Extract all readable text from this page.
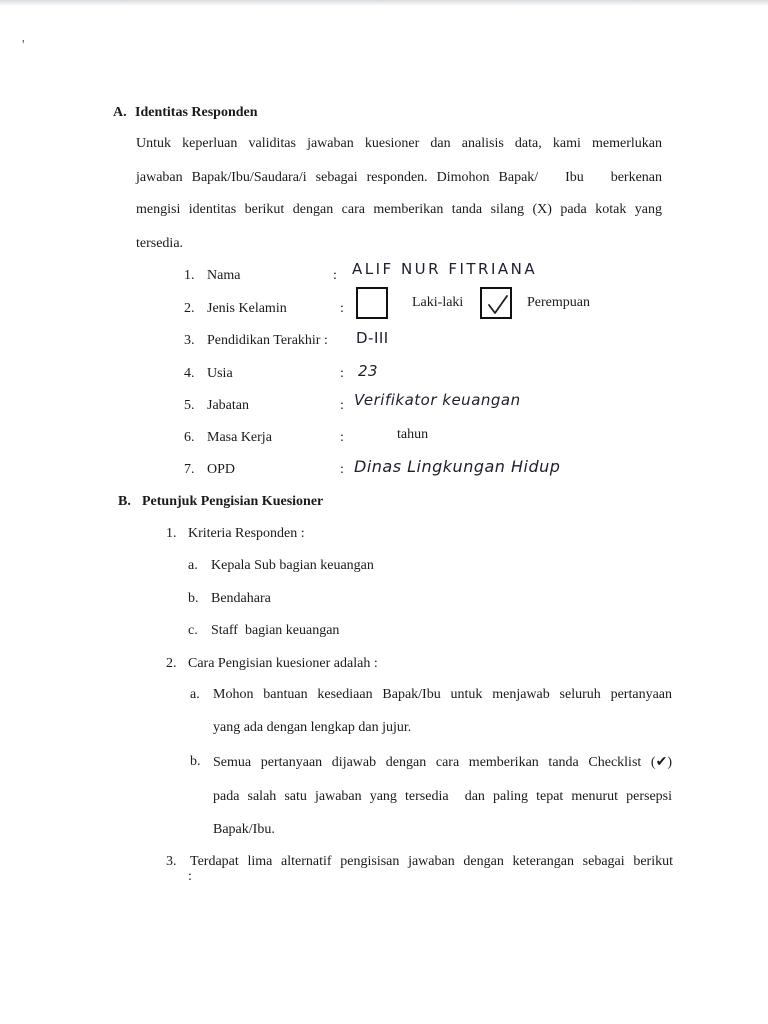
'
A. Identitas Responden
Untuk keperluan validitas jawaban kuesioner dan analisis data, kami memerlukan
jawaban Bapak/Ibu/Saudara/i sebagai responden. Dimohon Bapak/   Ibu   berkenan
mengisi identitas berikut dengan cara memberikan tanda silang (X) pada kotak yang
tersedia.
1. Nama	: ALIF NUR FITRIANA
2. Jenis Kelamin	:	Laki-laki	Perempuan
3. Pendidikan Terakhir : D-III
4. Usia	: 23
5. Jabatan	: Verifikator keuangan
6. Masa Kerja	:	tahun
7. OPD	: Dinas Lingkungan Hidup
B. Petunjuk Pengisian Kuesioner
1. Kriteria Responden :
a. Kepala Sub bagian keuangan
b. Bendahara
c. Staff  bagian keuangan
2. Cara Pengisian kuesioner adalah :
a. Mohon bantuan kesediaan Bapak/Ibu untuk menjawab seluruh pertanyaan
yang ada dengan lengkap dan jujur.
b. Semua pertanyaan dijawab dengan cara memberikan tanda Checklist (✔)
pada salah satu jawaban yang tersedia  dan paling tepat menurut persepsi
Bapak/Ibu.
3. Terdapat lima alternatif pengisisan jawaban dengan keterangan sebagai berikut
:
